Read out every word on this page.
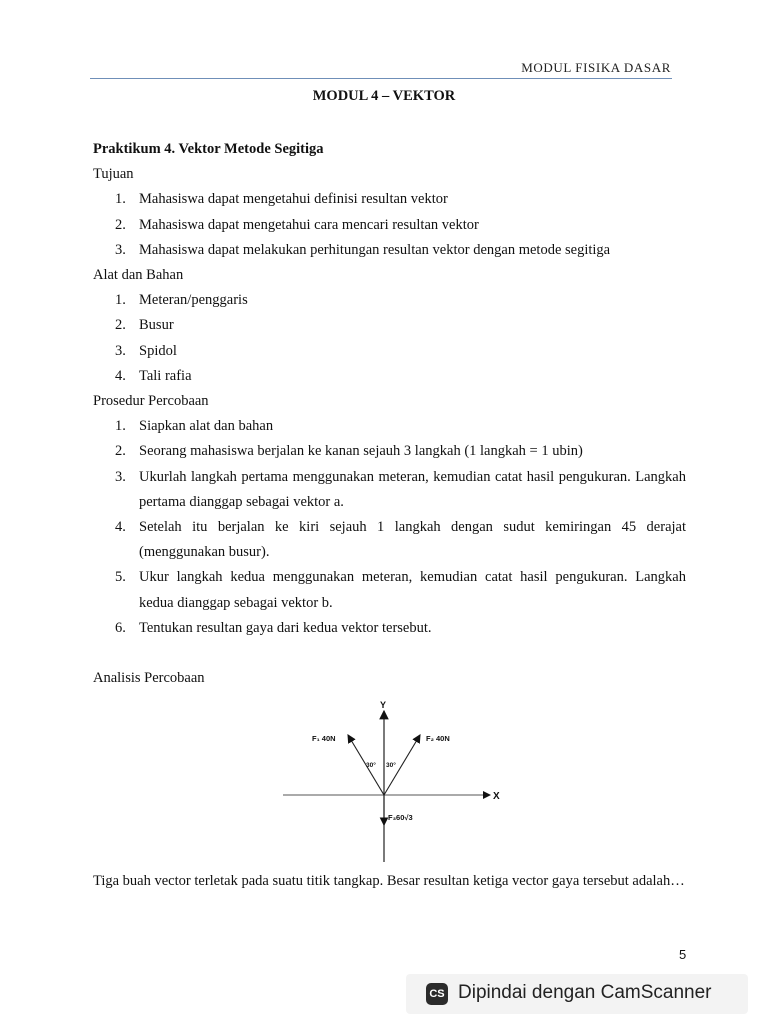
MODUL FISIKA DASAR
MODUL 4 – VEKTOR

Praktikum 4. Vektor Metode Segitiga

Tujuan

1. Mahasiswa dapat mengetahui definisi resultan vektor
2. Mahasiswa dapat mengetahui cara mencari resultan vektor
3. Mahasiswa dapat melakukan perhitungan resultan vektor dengan metode segitiga

Alat dan Bahan

1. Meteran/penggaris
2. Busur
3. Spidol
4. Tali rafia

Prosedur Percobaan

1. Siapkan alat dan bahan
2. Seorang mahasiswa berjalan ke kanan sejauh 3 langkah (1 langkah = 1 ubin)
3. Ukurlah langkah pertama menggunakan meteran, kemudian catat hasil pengukuran. Langkah pertama dianggap sebagai vektor a.
4. Setelah itu berjalan ke kiri sejauh 1 langkah dengan sudut kemiringan 45 derajat (menggunakan busur).
5. Ukur langkah kedua menggunakan meteran, kemudian catat hasil pengukuran. Langkah kedua dianggap sebagai vektor b.
6. Tentukan resultan gaya dari kedua vektor tersebut.

Analisis Percobaan

Y
X
F₁ 40N	F₂ 40N
F₃60√3
30° 30°

Tiga buah vector terletak pada suatu titik tangkap. Besar resultan ketiga vector gaya tersebut adalah…

5
CS Dipindai dengan CamScanner
